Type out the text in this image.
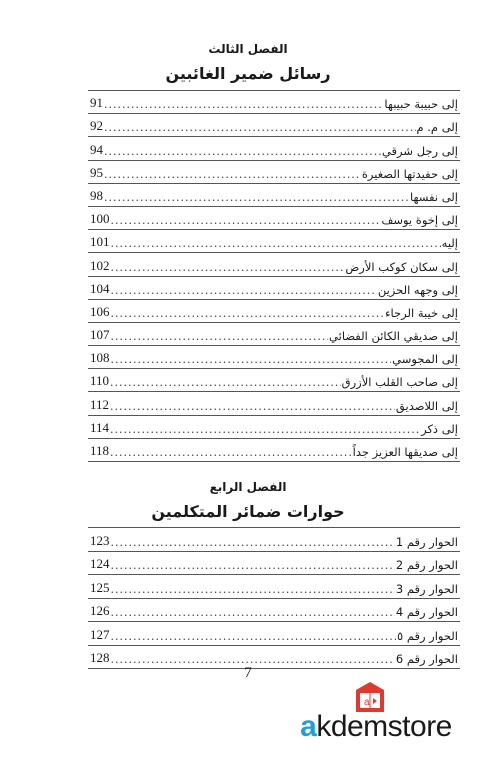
الفصل الثالث
رسائل ضمير الغائبين
إلى حبيبة حبيبها
.....
91
إلى م. م
.....
92
إلى رجل شرقي
.....
94
إلى حفيدتها الصغيرة
.....
95
إلى نفسها
.....
98
إلى إخوة يوسف
.....
100
إليه
.....
101
إلى سكان كوكب الأرض
.....
102
إلى وجهه الحزين
.....
104
إلى خيبة الرجاء
.....
106
إلى صديقي الكائن الفضائي
.....
107
إلى المجوسي
.....
108
إلى صاحب القلب الأزرق
.....
110
إلى اللاصديق
.....
112
إلى ذكر
.....
114
إلى صديقها العزيز جداً
.....
118
الفصل الرابع
حوارات ضمائر المتكلمين
الحوار رقم 1
.....
123
الحوار رقم 2
.....
124
الحوار رقم 3
.....
125
الحوار رقم 4
.....
126
الحوار رقم ٥
.....
127
الحوار رقم 6
.....
128
7
a
akdemstore
